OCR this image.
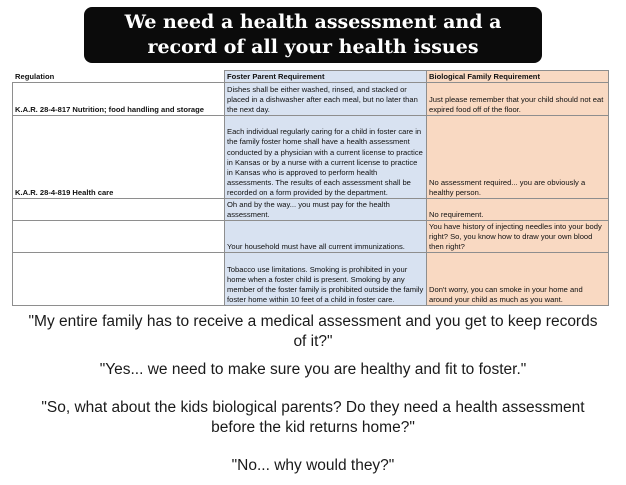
We need a health assessment and a
record of all your health issues
Regulation	Foster Parent Requirement	Biological Family Requirement
K.A.R. 28-4-817 Nutrition; food handling and storage	Dishes shall be either washed, rinsed, and stacked or placed in a dishwasher after each meal, but no later than the next day.	Just please remember that your child should not eat expired food off of the floor.
K.A.R. 28-4-819 Health care	Each individual regularly caring for a child in foster care in the family foster home shall have a health assessment conducted by a physician with a current license to practice in Kansas or by a nurse with a current license to practice in Kansas who is approved to perform health assessments. The results of each assessment shall be recorded on a form provided by the department.	No assessment required... you are obviously a healthy person.
	Oh and by the way... you must pay for the health assessment.	No requirement.
	Your household must have all current immunizations.	You have history of injecting needles into your body right? So, you know how to draw your own blood then right?
	Tobacco use limitations. Smoking is prohibited in your home when a foster child is present. Smoking by any member of the foster family is prohibited outside the family foster home within 10 feet of a child in foster care.	Don't worry, you can smoke in your home and around your child as much as you want.

"My entire family has to receive a medical assessment and you get to keep records of it?"

"Yes... we need to make sure you are healthy and fit to foster."

"So, what about the kids biological parents? Do they need a health assessment before the kid returns home?"

"No... why would they?"
